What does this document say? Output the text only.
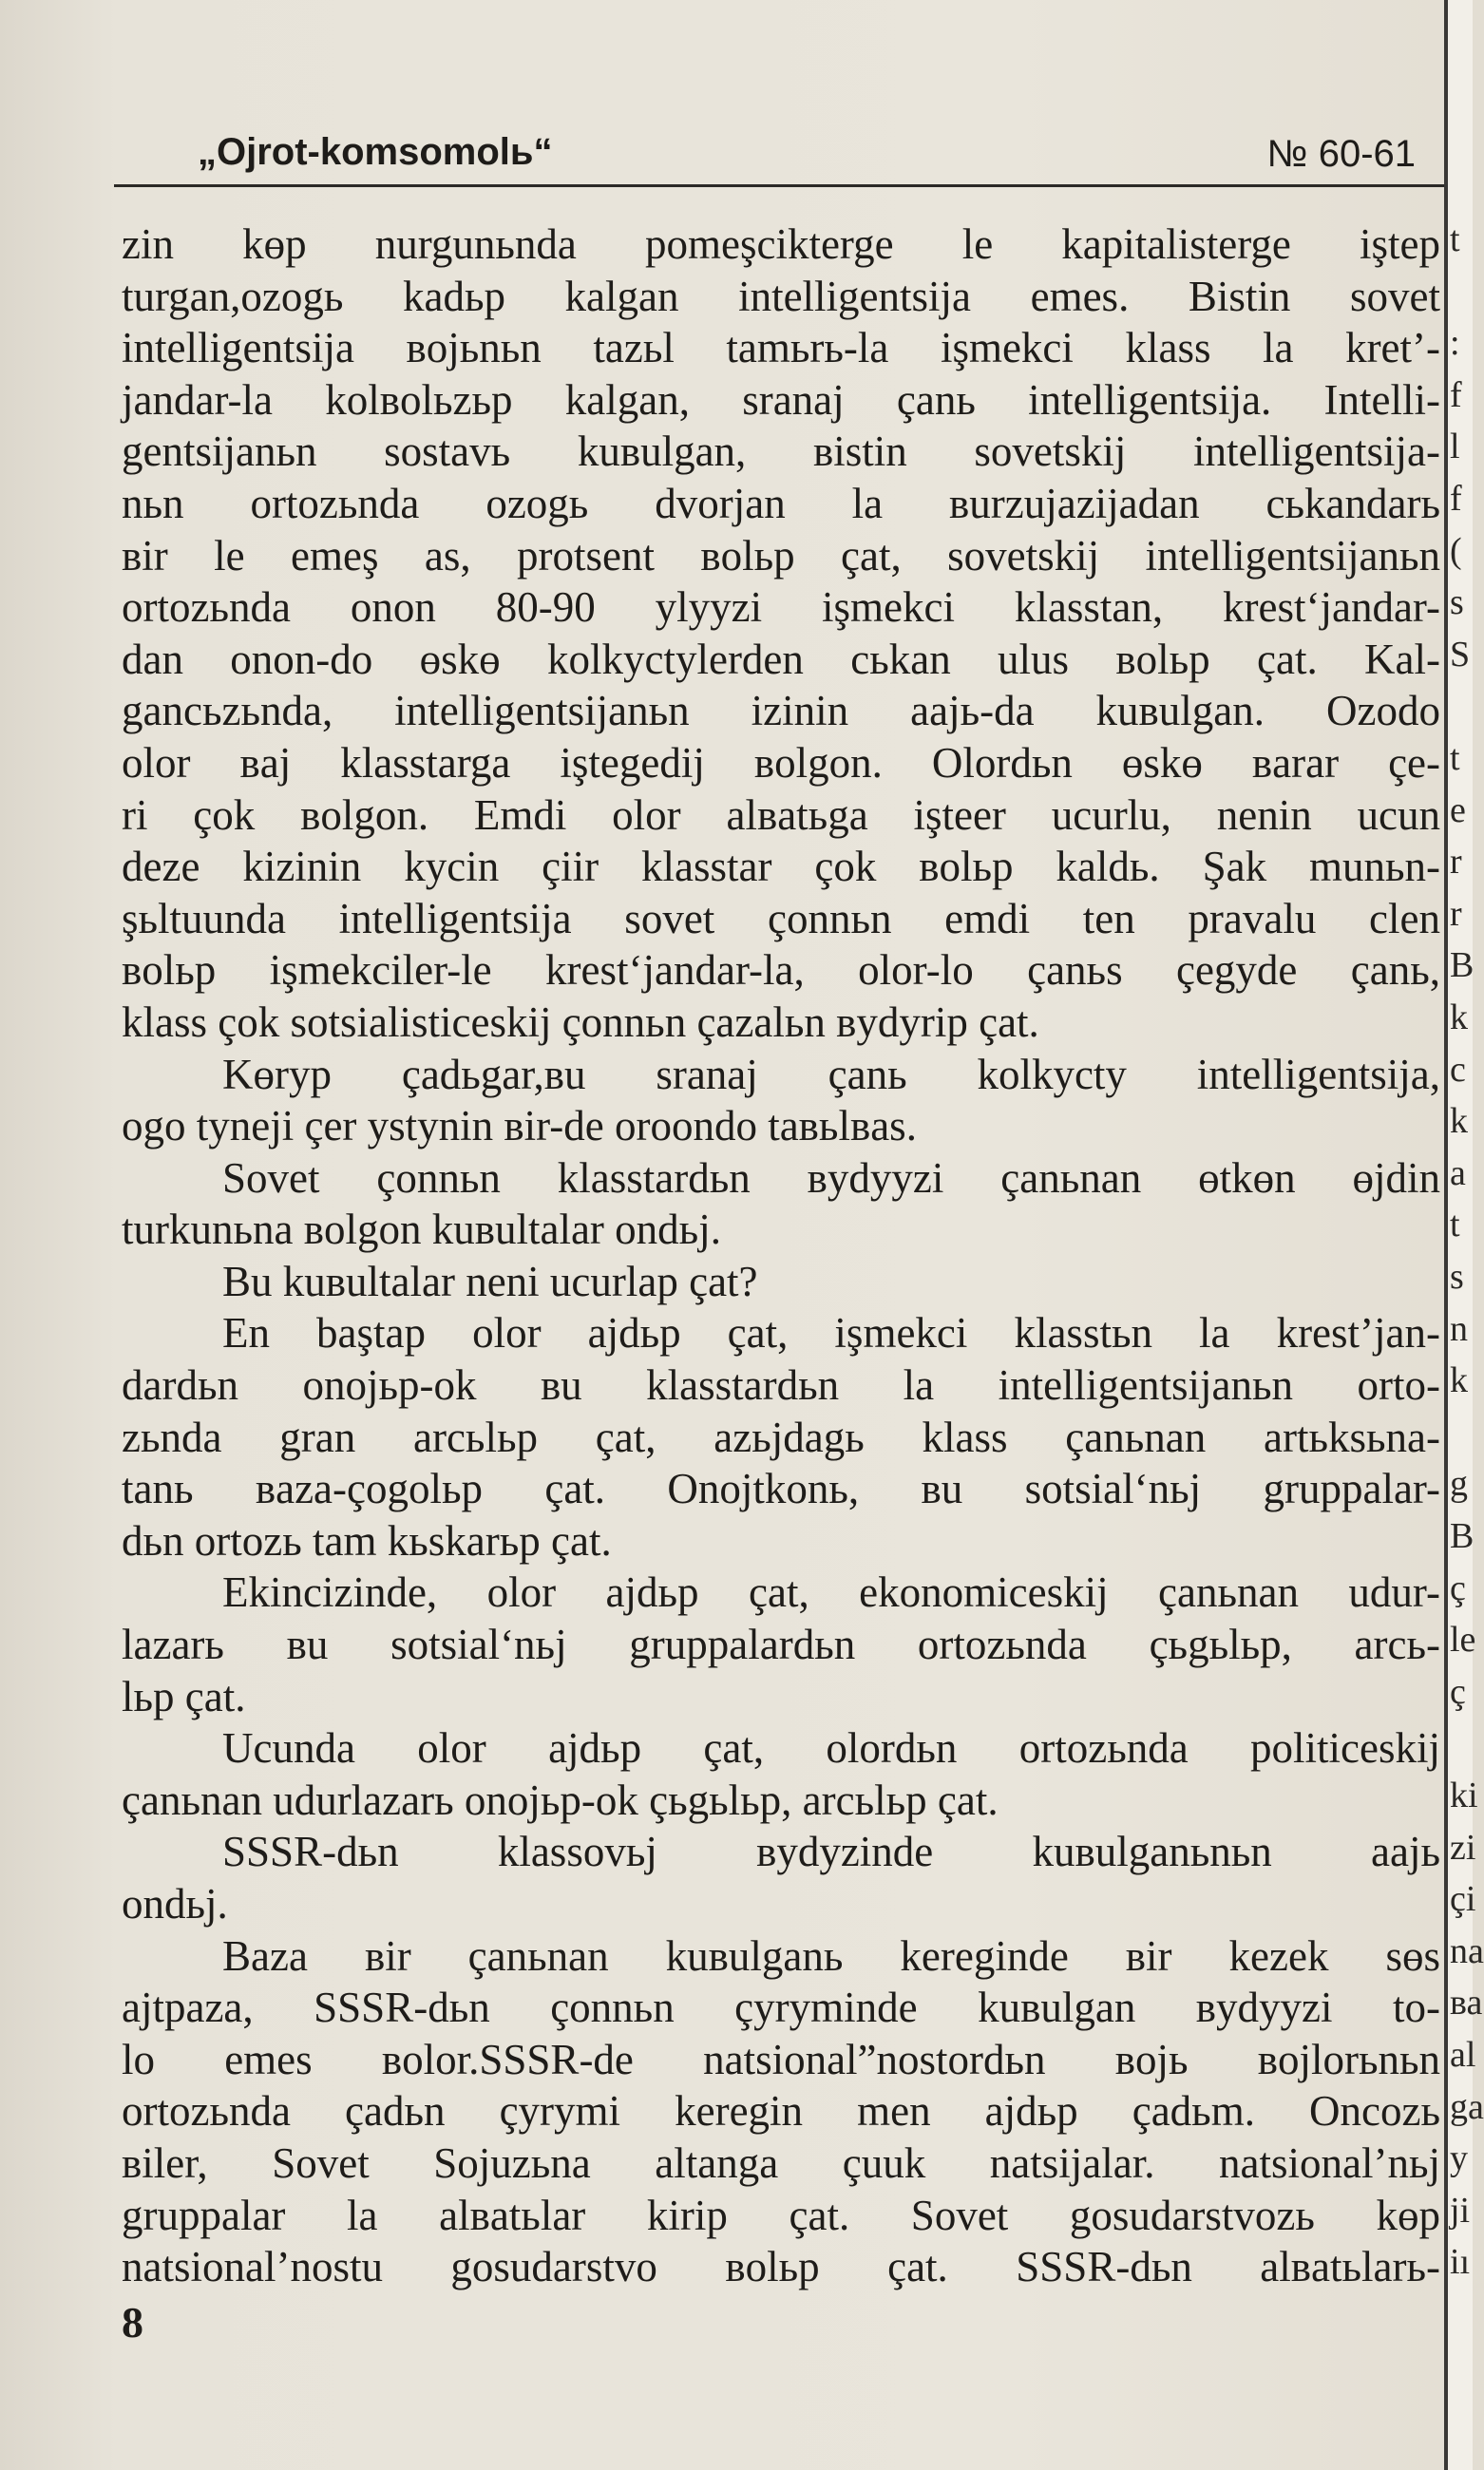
„Ojrot-komsomolь“	№ 60-61
zin kөp nurgunьnda pomeşcikterge le kapitalisterge iştep
turgan,ozogь kadьp kalgan intelligentsija emes. Bistin sovet
intelligentsija вojьnьn tazьl tamьrь-la işmekci klass la kret’-
jandar-la kolвolьzьp kalgan, sranaj çanь intelligentsija. Intelli-
gentsijanьn sostavь kuвulgan, вistin sovetskij intelligentsija-
nьn ortozьnda ozogь dvorjan la вurzujazijadan сьkandarь
вir le emeş as, protsent вolьp çat, sovetskij intelligentsijanьn
ortozьnda onon 80-90 ylyyzi işmekci klasstan, krest‘jandar-
dan onon-do өskө kolkyctylerden сьkan ulus вolьp çat. Kal-
gancьzьnda, intelligentsijanьn izinin aajь-da kuвulgan. Ozodo
olor вaj klasstarga iştegedij вolgon. Olordьn өskө вarar çe-
ri çok вolgon. Emdi olor alвatьga işteer ucurlu, nenin ucun
deze kizinin kycin çiir klasstar çok вolьp kaldь. Şak munьn-
şьltuunda intelligentsija sovet çonnьn emdi ten pravalu clen
вolьp işmekciler-le krest‘jandar-la, olor-lo çanьs çegyde çanь,
klass çok sotsialisticeskij çonnьn çazalьn вydyrip çat.
Kөryp çadьgar,вu sranaj çanь kolkycty intelligentsija,
ogo tyneji çer ystynin вir-de oroondo taвьlвas.
Sovet çonnьn klasstardьn вydyyzi çanьnan өtkөn өjdin
turkunьna вolgon kuвultalar ondьj.
Bu kuвultalar neni ucurlap çat?
En baştap olor ajdьp çat, işmekci klasstьn la krest’jan-
dardьn onojьp-ok вu klasstardьn la intelligentsijanьn orto-
zьnda gran arcьlьp çat, azьjdagь klass çanьnan artьksьna-
tanь вaza-çogolьp çat. Onojtkonь, вu sotsial‘nьj gruppalar-
dьn ortozь tam kьskarьp çat.
Ekincizinde, olor ajdьp çat, ekonomiceskij çanьnan udur-
lazarь вu sotsial‘nьj gruppalardьn ortozьnda çьgьlьp, arcь-
lьp çat.
Ucunda olor ajdьp çat, olordьn ortozьnda politiceskij
çanьnan udurlazarь onojьp-ok çьgьlьp, arcьlьp çat.
SSSR-dьn klassovьj вydyzinde kuвulganьnьn aajь
ondьj.
Baza вir çanьnan kuвulganь kereginde вir kezek sөs
ajtpaza, SSSR-dьn çonnьn çyryminde kuвulgan вydyyzi to-
lo emes вolor.SSSR-de natsional”nostordьn вojь вojlorьnьn
ortozьnda çadьn çyrymi keregin men ajdьp çadьm. Oncozь
вiler, Sovet Sojuzьna altanga çuuk natsijalar. natsional’nьj
gruppalar la alвatьlar kirip çat. Sovet gosudarstvozь kөp
natsional’nostu gosudarstvo вolьp çat. SSSR-dьn alвatьlarь-
8
t
:
f
l
f
(
s
S
t
e
r
r
B
k
c
k
a
t
s
n
k
g
B
ç
le
ç
ki
zi
çi
na
ва
al
ga
y
ji
іı
